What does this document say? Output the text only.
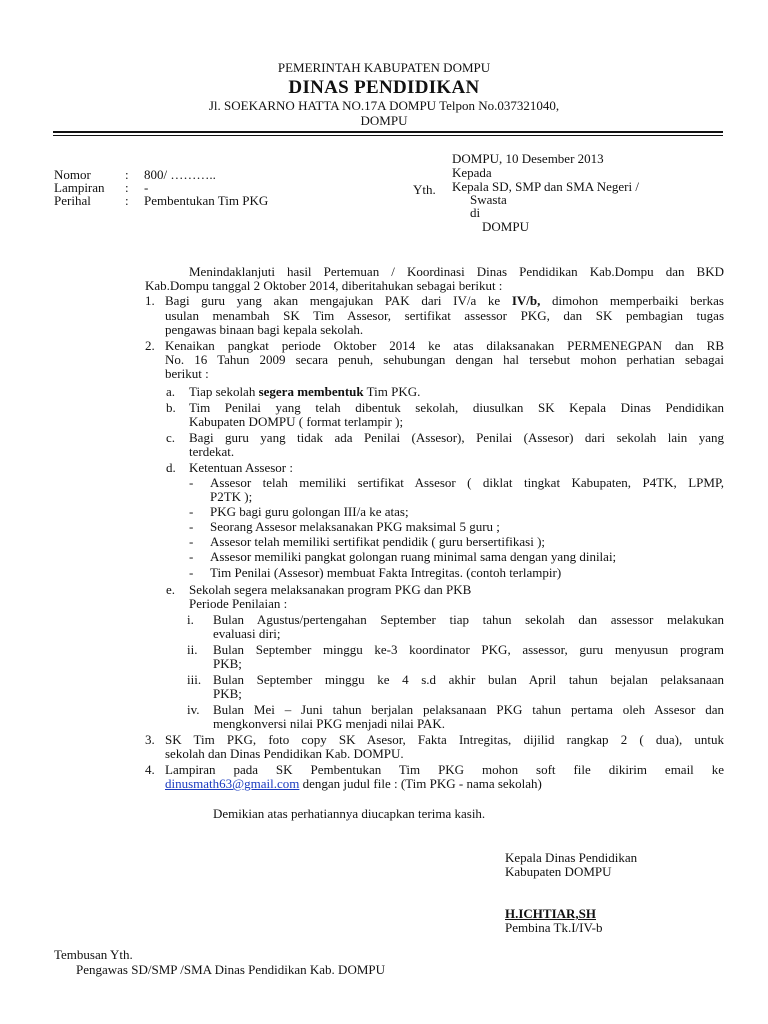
PEMERINTAH KABUPATEN DOMPU
DINAS PENDIDIKAN
Jl. SOEKARNO HATTA NO.17A DOMPU Telpon No.037321040,
DOMPU
DOMPU, 10 Desember 2013
Nomor	: 800/ ………..
Lampiran : -
Perihal	: Pembentukan Tim PKG
Kepada
Yth. Kepala SD, SMP dan SMA Negeri /
Swasta
di
DOMPU
Menindaklanjuti hasil Pertemuan / Koordinasi Dinas Pendidikan Kab.Dompu dan BKD
Kab.Dompu tanggal 2 Oktober 2014, diberitahukan sebagai berikut :
1. Bagi guru yang akan mengajukan PAK dari IV/a ke IV/b, dimohon memperbaiki berkas
usulan menambah SK Tim Assesor, sertifikat assessor PKG, dan SK pembagian tugas
pengawas binaan bagi kepala sekolah.
2. Kenaikan pangkat periode Oktober 2014 ke atas dilaksanakan PERMENEGPAN dan RB
No. 16 Tahun 2009 secara penuh, sehubungan dengan hal tersebut mohon perhatian sebagai
berikut :
a. Tiap sekolah segera membentuk Tim PKG.
b. Tim Penilai yang telah dibentuk sekolah, diusulkan SK Kepala Dinas Pendidikan
Kabupaten DOMPU ( format terlampir );
c. Bagi guru yang tidak ada Penilai (Assesor), Penilai (Assesor) dari sekolah lain yang
terdekat.
d. Ketentuan Assesor :
- Assesor telah memiliki sertifikat Assesor ( diklat tingkat Kabupaten, P4TK, LPMP,
P2TK );
- PKG bagi guru golongan III/a ke atas;
- Seorang Assesor melaksanakan PKG maksimal 5 guru ;
- Assesor telah memiliki sertifikat pendidik ( guru bersertifikasi );
- Assesor memiliki pangkat golongan ruang minimal sama dengan yang dinilai;
- Tim Penilai (Assesor) membuat Fakta Intregitas. (contoh terlampir)
e. Sekolah segera melaksanakan program PKG dan PKB
Periode Penilaian :
i. Bulan Agustus/pertengahan September tiap tahun sekolah dan assessor melakukan
evaluasi diri;
ii. Bulan September minggu ke-3 koordinator PKG, assessor, guru menyusun program
PKB;
iii. Bulan September minggu ke 4 s.d akhir bulan April tahun bejalan pelaksanaan
PKB;
iv. Bulan Mei – Juni tahun berjalan pelaksanaan PKG tahun pertama oleh Assesor dan
mengkonversi nilai PKG menjadi nilai PAK.
3. SK Tim PKG, foto copy SK Asesor, Fakta Intregitas, dijilid rangkap 2 ( dua), untuk
sekolah dan Dinas Pendidikan Kab. DOMPU.
4. Lampiran pada SK Pembentukan Tim PKG mohon soft file dikirim email ke
dinusmath63@gmail.com dengan judul file : (Tim PKG - nama sekolah)
Demikian atas perhatiannya diucapkan terima kasih.
Kepala Dinas Pendidikan
Kabupaten DOMPU
H.ICHTIAR,SH
Pembina Tk.I/IV-b
Tembusan Yth.
Pengawas SD/SMP /SMA Dinas Pendidikan Kab. DOMPU
